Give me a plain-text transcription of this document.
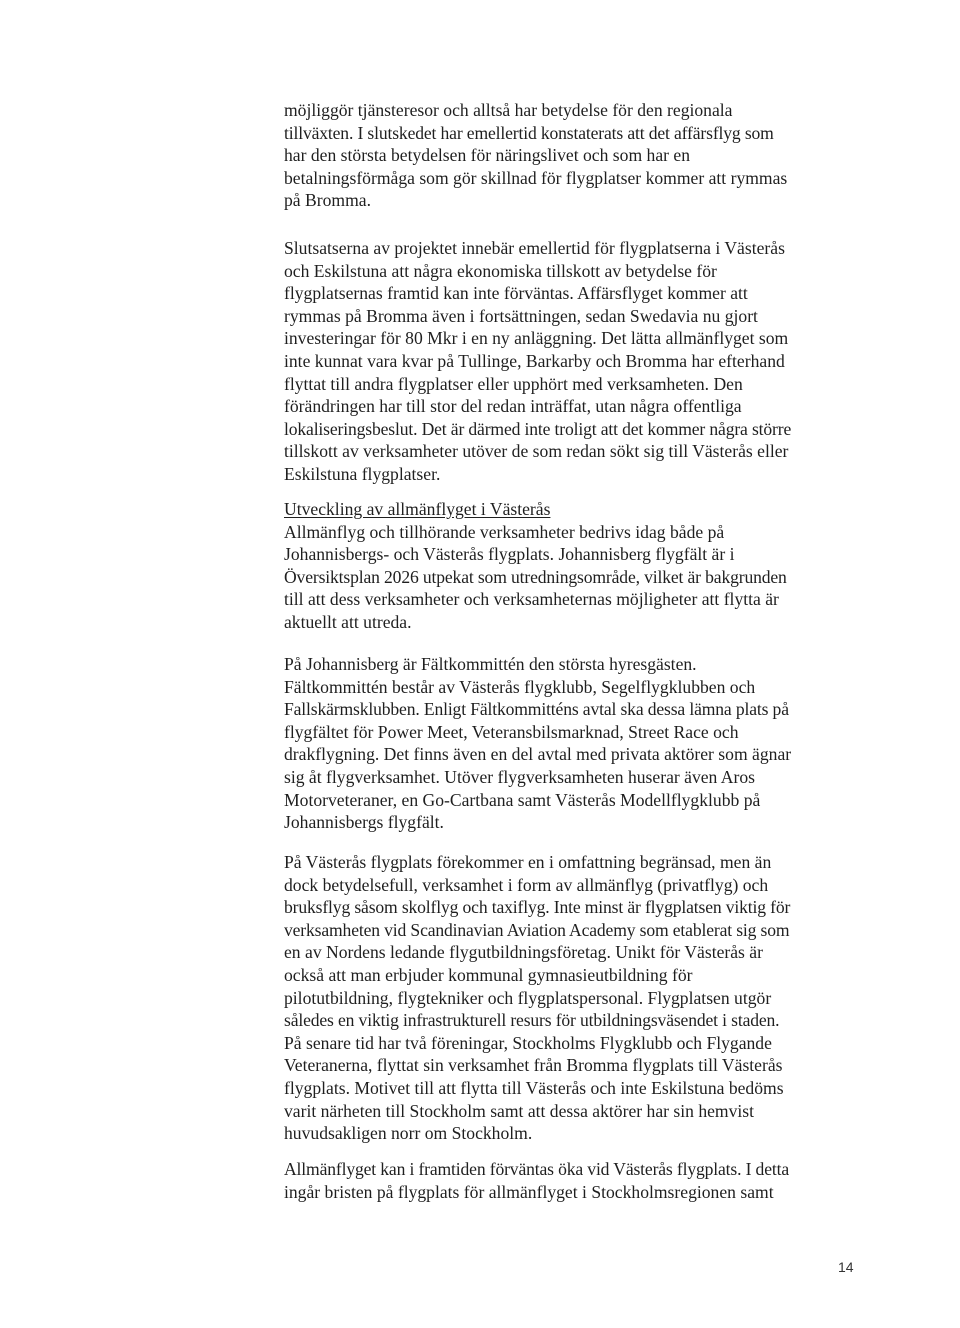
möjliggör tjänsteresor och alltså har betydelse för den regionala
tillväxten. I slutskedet har emellertid konstaterats att det affärsflyg som
har den största betydelsen för näringslivet och som har en
betalningsförmåga som gör skillnad för flygplatser kommer att rymmas
på Bromma.
Slutsatserna av projektet innebär emellertid för flygplatserna i Västerås
och Eskilstuna att några ekonomiska tillskott av betydelse för
flygplatsernas framtid kan inte förväntas. Affärsflyget kommer att
rymmas på Bromma även i fortsättningen, sedan Swedavia nu gjort
investeringar för 80 Mkr i en ny anläggning. Det lätta allmänflyget som
inte kunnat vara kvar på Tullinge, Barkarby och Bromma har efterhand
flyttat till andra flygplatser eller upphört med verksamheten. Den
förändringen har till stor del redan inträffat, utan några offentliga
lokaliseringsbeslut. Det är därmed inte troligt att det kommer några större
tillskott av verksamheter utöver de som redan sökt sig till Västerås eller
Eskilstuna flygplatser.
Utveckling av allmänflyget i Västerås
Allmänflyg och tillhörande verksamheter bedrivs idag både på
Johannisbergs- och Västerås flygplats. Johannisberg flygfält är i
Översiktsplan 2026 utpekat som utredningsområde, vilket är bakgrunden
till att dess verksamheter och verksamheternas möjligheter att flytta är
aktuellt att utreda.
På Johannisberg är Fältkommittén den största hyresgästen.
Fältkommittén består av Västerås flygklubb, Segelflygklubben och
Fallskärmsklubben. Enligt Fältkommitténs avtal ska dessa lämna plats på
flygfältet för Power Meet, Veteransbilsmarknad, Street Race och
drakflygning. Det finns även en del avtal med privata aktörer som ägnar
sig åt flygverksamhet. Utöver flygverksamheten huserar även Aros
Motorveteraner, en Go-Cartbana samt Västerås Modellflygklubb på
Johannisbergs flygfält.
På Västerås flygplats förekommer en i omfattning begränsad, men än
dock betydelsefull, verksamhet i form av allmänflyg (privatflyg) och
bruksflyg såsom skolflyg och taxiflyg. Inte minst är flygplatsen viktig för
verksamheten vid Scandinavian Aviation Academy som etablerat sig som
en av Nordens ledande flygutbildningsföretag. Unikt för Västerås är
också att man erbjuder kommunal gymnasieutbildning för
pilotutbildning, flygtekniker och flygplatspersonal. Flygplatsen utgör
således en viktig infrastrukturell resurs för utbildningsväsendet i staden.
På senare tid har två föreningar, Stockholms Flygklubb och Flygande
Veteranerna, flyttat sin verksamhet från Bromma flygplats till Västerås
flygplats. Motivet till att flytta till Västerås och inte Eskilstuna bedöms
varit närheten till Stockholm samt att dessa aktörer har sin hemvist
huvudsakligen norr om Stockholm.
Allmänflyget kan i framtiden förväntas öka vid Västerås flygplats. I detta
ingår bristen på flygplats för allmänflyget i Stockholmsregionen samt
14
